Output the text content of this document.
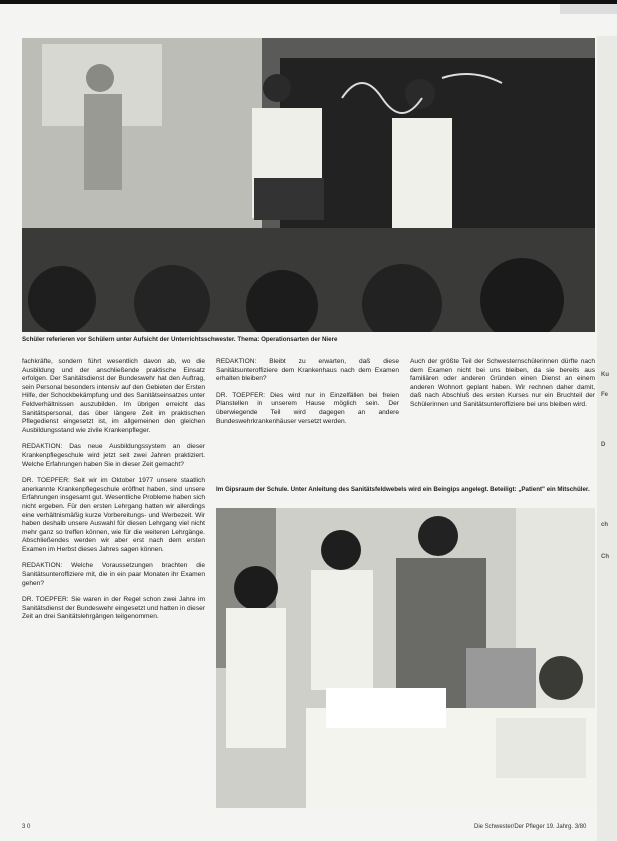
Schüler referieren vor Schülern unter Aufsicht der Unterrichtsschwester. Thema: Operationsarten der Niere

fachkräfte, sondern führt wesentlich davon ab, wo die Ausbildung und der anschließende praktische Einsatz erfolgen. Der Sanitätsdienst der Bundeswehr hat den Auftrag, sein Personal besonders intensiv auf den Gebieten der Ersten Hilfe, der Schockbekämpfung und des Sanitätseinsatzes unter Feldverhältnissen auszubilden. Im übrigen erreicht das Sanitätspersonal, das über längere Zeit im praktischen Pflegedienst eingesetzt ist, im allgemeinen den gleichen Ausbildungsstand wie zivile Krankenpfleger.

REDAKTION: Das neue Ausbildungssystem an dieser Krankenpflegeschule wird jetzt seit zwei Jahren praktiziert. Welche Erfahrungen haben Sie in dieser Zeit gemacht?

DR. TOEPFER: Seit wir im Oktober 1977 unsere staatlich anerkannte Krankenpflegeschule eröffnet haben, sind unsere Erfahrungen insgesamt gut. Wesentliche Probleme haben sich nicht ergeben. Für den ersten Lehrgang hatten wir allerdings eine verhältnismäßig kurze Vorbereitungs- und Werbezeit. Wir haben deshalb unsere Auswahl für diesen Lehrgang viel nicht mehr ganz so treffen können, wie für die weiteren Lehrgänge. Abschließendes werden wir aber erst nach dem ersten Examen im Herbst dieses Jahres sagen können.

REDAKTION: Welche Voraussetzungen brachten die Sanitätsunteroffiziere mit, die in ein paar Monaten ihr Examen gehen?

DR. TOEPFER: Sie waren in der Regel schon zwei Jahre im Sanitätsdienst der Bundeswehr eingesetzt und hatten in dieser Zeit an drei Sanitätslehrgängen teilgenommen.

REDAKTION: Bleibt zu erwarten, daß diese Sanitätsunteroffiziere dem Krankenhaus nach dem Examen erhalten bleiben?

DR. TOEPFER: Dies wird nur in Einzelfällen bei freien Planstellen in unserem Hause möglich sein. Der überwiegende Teil wird dagegen an andere Bundeswehrkrankenhäuser versetzt werden.

Auch der größte Teil der Schwesternschülerinnen dürfte nach dem Examen nicht bei uns bleiben, da sie bereits aus familiären oder anderen Gründen einen Dienst an einem anderen Wohnort geplant haben. Wir rechnen daher damit, daß nach Abschluß des ersten Kurses nur ein Bruchteil der Schülerinnen und Sanitätsunteroffiziere bei uns bleiben wird.

Im Gipsraum der Schule. Unter Anleitung des Sanitätsfeldwebels wird ein Beingips angelegt. Beteiligt: „Patient" ein Mitschüler.
Ku
Fe
D
ch
Ch
3 0	Die Schwester/Der Pfleger 19. Jahrg. 3/80
